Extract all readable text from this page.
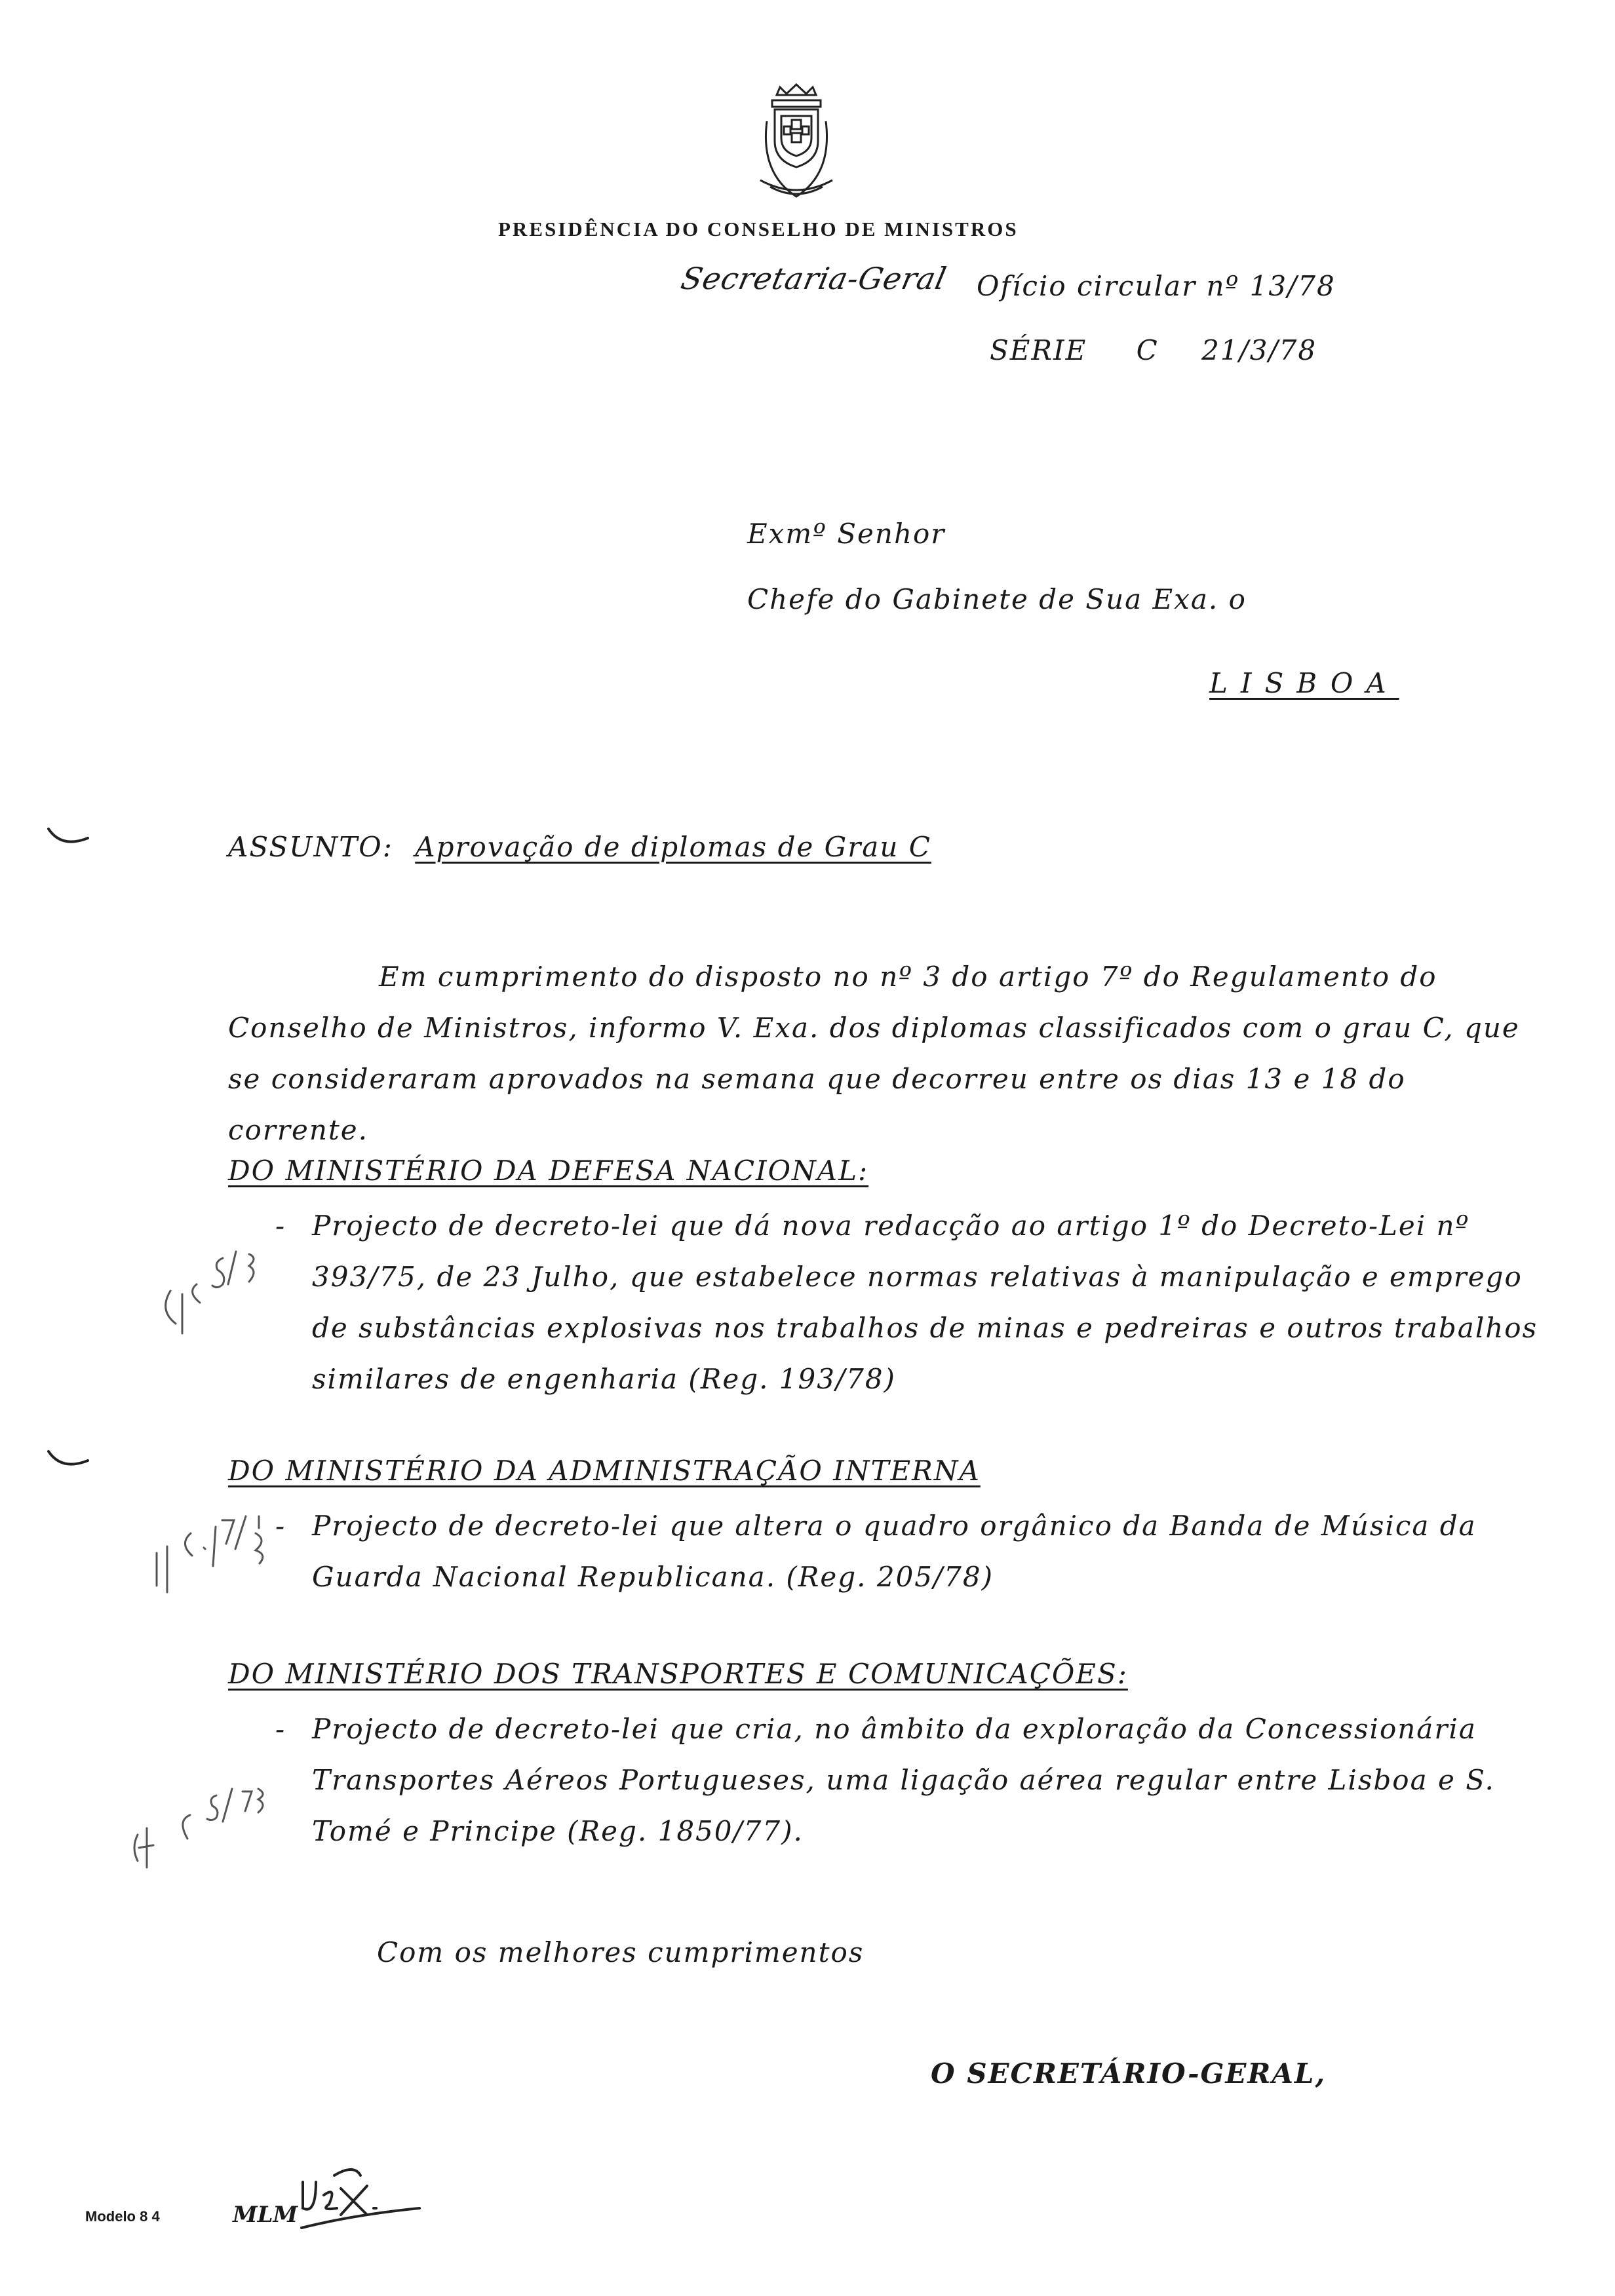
PRESIDÊNCIA DO CONSELHO DE MINISTROS
Secretaria-Geral Ofício circular nº 13/78
SÉRIE C 21/3/78
Exmº Senhor
Chefe do Gabinete de Sua Exa. o
LISBOA
ASSUNTO: Aprovação de diplomas de Grau C
Em cumprimento do disposto no nº 3 do artigo 7º do Regulamento do Conselho de Ministros, informo V. Exa. dos diplomas classificados com o grau C, que se consideraram aprovados na semana que decorreu entre os dias 13 e 18 do corrente.
DO MINISTÉRIO DA DEFESA NACIONAL:
- Projecto de decreto-lei que dá nova redacção ao artigo 1º do Decreto-Lei nº 393/75, de 23 Julho, que estabelece normas relativas à manipulação e emprego de substâncias explosivas nos trabalhos de minas e pedreiras e outros trabalhos similares de engenharia (Reg. 193/78)
DO MINISTÉRIO DA ADMINISTRAÇÃO INTERNA
- Projecto de decreto-lei que altera o quadro orgânico da Banda de Música da Guarda Nacional Republicana. (Reg. 205/78)
DO MINISTÉRIO DOS TRANSPORTES E COMUNICAÇÕES:
- Projecto de decreto-lei que cria, no âmbito da exploração da Concessionária Transportes Aéreos Portugueses, uma ligação aérea regular entre Lisboa e S. Tomé e Principe (Reg. 1850/77).
Com os melhores cumprimentos
O SECRETÁRIO-GERAL,
Modelo 8 4	MLM
